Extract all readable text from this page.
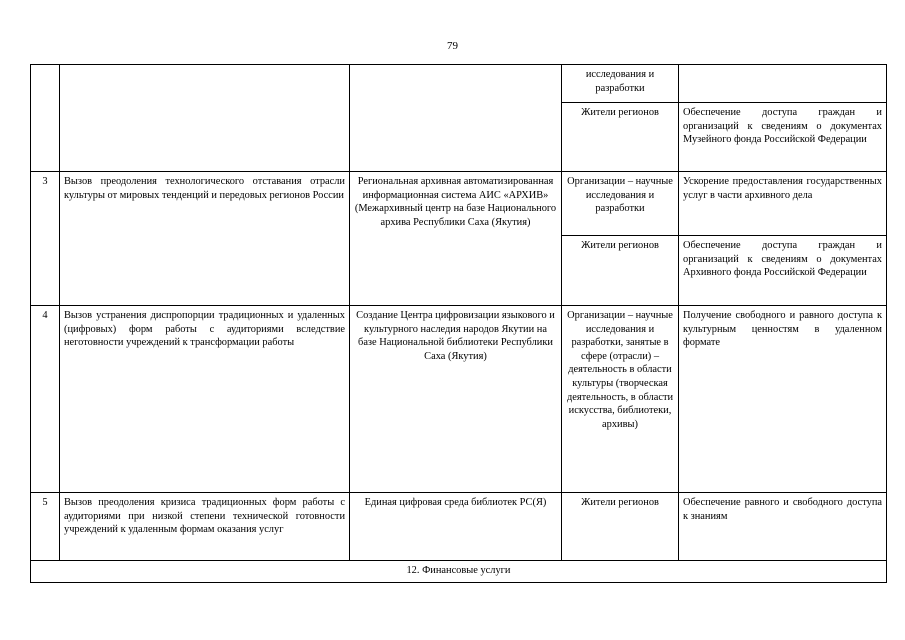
79
			исследования и разработки	
			Жители регионов	Обеспечение доступа граждан и организаций к сведениям о документах Музейного фонда Российской Федерации
3	Вызов преодоления технологического отставания отрасли культуры от мировых тенденций и передовых регионов России	Региональная архивная автоматизированная информационная система АИС «АРХИВ» (Межархивный центр на базе Национального архива Республики Саха (Якутия)	Организации – научные исследования и разработки	Ускорение предоставления государственных услуг в части архивного дела
			Жители регионов	Обеспечение доступа граждан и организаций к сведениям о документах Архивного фонда Российской Федерации
4	Вызов устранения диспропорции традиционных и удаленных (цифровых) форм работы с аудиториями вследствие неготовности учреждений к трансформации работы	Создание Центра цифровизации языкового и культурного наследия народов Якутии на базе Национальной библиотеки Республики Саха (Якутия)	Организации – научные исследования и разработки, занятые в сфере (отрасли) – деятельность в области культуры (творческая деятельность, в области искусства, библиотеки, архивы)	Получение свободного и равного доступа к культурным ценностям в удаленном формате
5	Вызов преодоления кризиса традиционных форм работы с аудиториями при низкой степени технической готовности учреждений к удаленным формам оказания услуг	Единая цифровая среда библиотек РС(Я)	Жители регионов	Обеспечение равного и свободного доступа к знаниям
12. Финансовые услуги				
